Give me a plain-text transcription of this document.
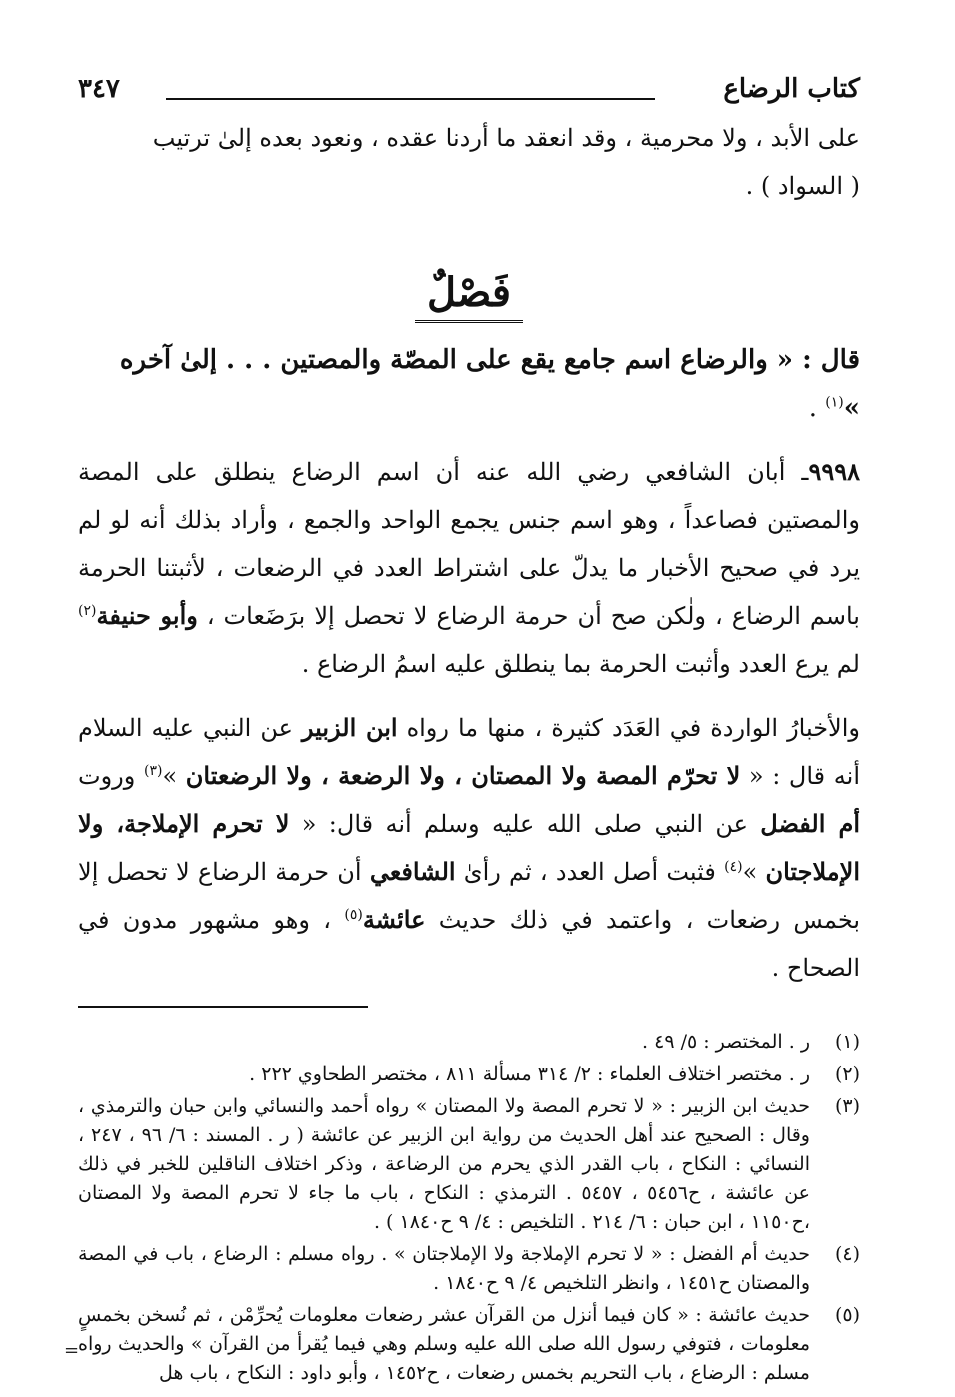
كتاب الرضاع
٣٤٧

على الأبد ، ولا محرمية ، وقد انعقد ما أردنا عقده ، ونعود بعده إلىٰ ترتيب

( السواد ) .

فَصْلٌ

قال : « والرضاع اسم جامع يقع على المصّة والمصتين . . . إلىٰ آخره »$^{(١)}$ .

٩٩٩٨ـ أبان الشافعي رضي الله عنه أن اسم الرضاع ينطلق على المصة والمصتين فصاعداً ، وهو اسم جنس يجمع الواحد والجمع ، وأراد بذلك أنه لو لم يرد في صحيح الأخبار ما يدلّ على اشتراط العدد في الرضعات ، لأثبتنا الحرمة باسم الرضاع ، ولٰكن صح أن حرمة الرضاع لا تحصل إلا برَضَعات ، وأبو حنيفة$^{(٢)}$ لم يرع العدد وأثبت الحرمة بما ينطلق عليه اسمُ الرضاع .
والأخبارُ الواردة في العَدَد كثيرة ، منها ما رواه ابن الزبير عن النبي عليه السلام أنه قال : « لا تحرّم المصة ولا المصتان ، ولا الرضعة ، ولا الرضعتان »$^{(٣)}$ وروت أم الفضل عن النبي صلى الله عليه وسلم أنه قال: « لا تحرم الإملاجة، ولا الإملاجتان »$^{(٤)}$ فثبت أصل العدد ، ثم رأىٰ الشافعي أن حرمة الرضاع لا تحصل إلا بخمس رضعات ، واعتمد في ذلك حديث عائشة$^{(٥)}$ ، وهو مشهور مدون في الصحاح .
(١)
ر . المختصر : ٥/ ٤٩ .
(٢)
ر . مختصر اختلاف العلماء : ٢/ ٣١٤ مسألة ٨١١ ، مختصر الطحاوي ٢٢٢ .
(٣)
حديث ابن الزبير : « لا تحرم المصة ولا المصتان » رواه أحمد والنسائي وابن حبان والترمذي ، وقال : الصحيح عند أهل الحديث من رواية ابن الزبير عن عائشة ( ر . المسند : ٦/ ٩٦ ، ٢٤٧ ، النسائي : النكاح ، باب القدر الذي يحرم من الرضاعة ، وذكر اختلاف الناقلين للخبر في ذلك عن عائشة ، ح٥٤٥٦ ، ٥٤٥٧ . الترمذي : النكاح ، باب ما جاء لا تحرم المصة ولا المصتان ،ح١١٥٠ ، ابن حبان : ٦/ ٢١٤ . التلخيص : ٤/ ٩ ح١٨٤٠ ) .
(٤)
حديث أم الفضل : « لا تحرم الإملاجة ولا الإملاجتان » . رواه مسلم : الرضاع ، باب في المصة والمصتان ح١٤٥١ ، وانظر التلخيص ٤/ ٩ ح١٨٤٠ .
(٥)
حديث عائشة : « كان فيما أنزل من القرآن عشر رضعات معلومات يُحرِّمْن ، ثم نُسخن بخمسٍ معلومات ، فتوفي رسول الله صلى الله عليه وسلم وهي فيما يُقرأ من القرآن » والحديث رواه مسلم : الرضاع ، باب التحريم بخمس رضعات ، ح١٤٥٢ ، وأبو داود : النكاح ، باب هل
=
